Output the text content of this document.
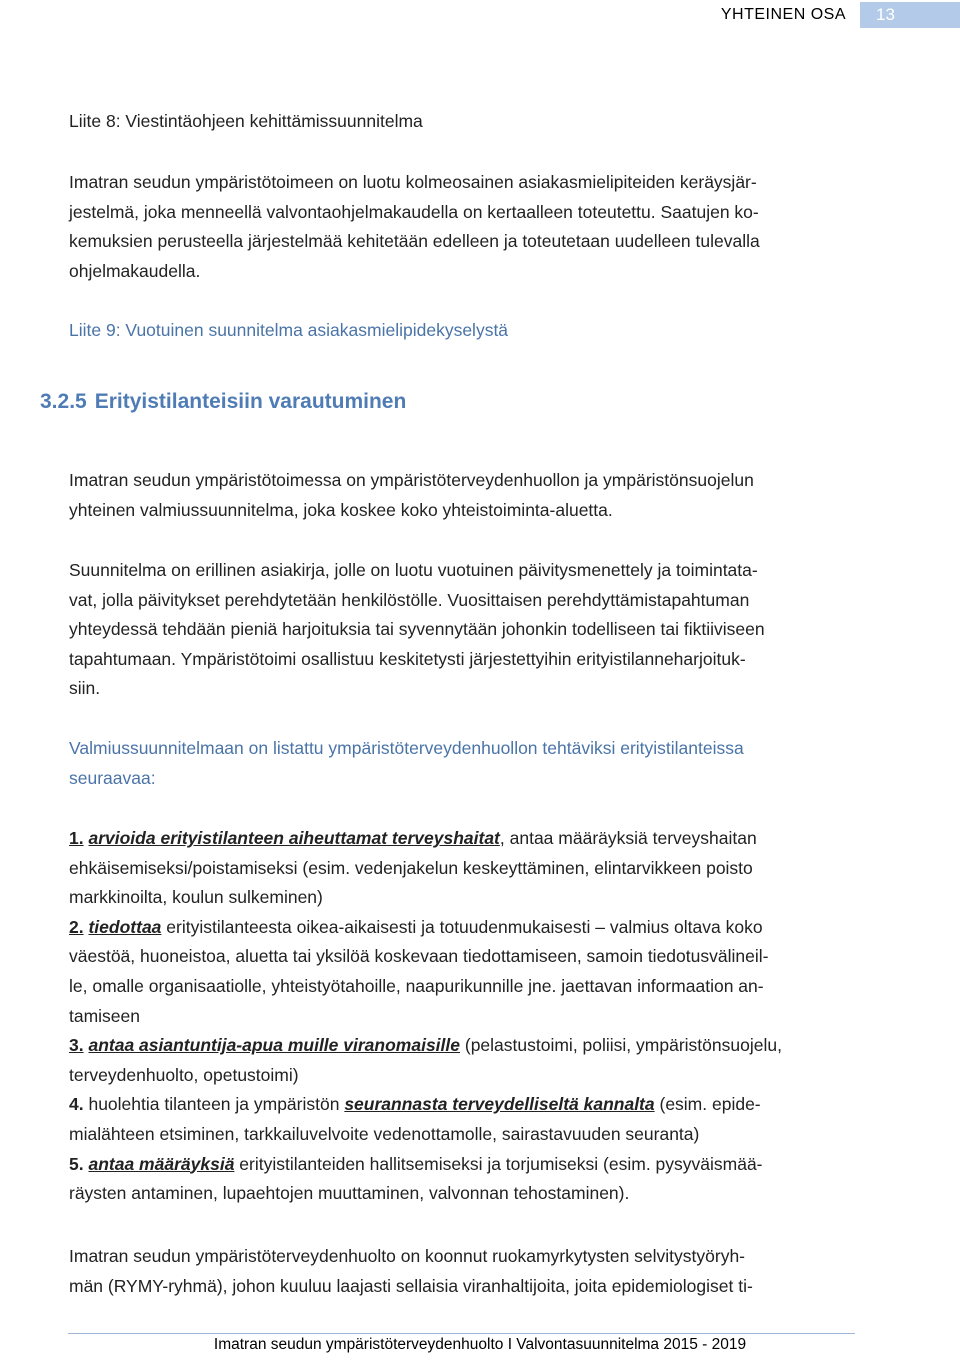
YHTEINEN OSA	13

Liite 8: Viestintäohjeen kehittämissuunnitelma

Imatran seudun ympäristötoimeen on luotu kolmeosainen asiakasmielipiteiden keräysjär-

jestelmä, joka menneellä valvontaohjelmakaudella on kertaalleen toteutettu. Saatujen ko-

kemuksien perusteella järjestelmää kehitetään edelleen ja toteutetaan uudelleen tulevalla

ohjelmakaudella.

Liite 9: Vuotuinen suunnitelma asiakasmielipidekyselystä

3.2.5 Erityistilanteisiin varautuminen

Imatran seudun ympäristötoimessa on ympäristöterveydenhuollon ja ympäristönsuojelun

yhteinen valmiussuunnitelma, joka koskee koko yhteistoiminta-aluetta.

Suunnitelma on erillinen asiakirja, jolle on luotu vuotuinen päivitysmenettely ja toimintata-

vat, jolla päivitykset perehdytetään henkilöstölle. Vuosittaisen perehdyttämistapahtuman

yhteydessä tehdään pieniä harjoituksia tai syvennytään johonkin todelliseen tai fiktiiviseen

tapahtumaan. Ympäristötoimi osallistuu keskitetysti järjestettyihin erityistilanneharjoituk-

siin.

Valmiussuunnitelmaan on listattu ympäristöterveydenhuollon tehtäviksi erityistilanteissa

seuraavaa:

1. arvioida erityistilanteen aiheuttamat terveyshaitat, antaa määräyksiä terveyshaitan

ehkäisemiseksi/poistamiseksi (esim. vedenjakelun keskeyttäminen, elintarvikkeen poisto

markkinoilta, koulun sulkeminen)

2. tiedottaa erityistilanteesta oikea-aikaisesti ja totuudenmukaisesti – valmius oltava koko

väestöä, huoneistoa, aluetta tai yksilöä koskevaan tiedottamiseen, samoin tiedotusvälineil-

le, omalle organisaatiolle, yhteistyötahoille, naapurikunnille jne. jaettavan informaation an-

tamiseen

3. antaa asiantuntija-apua muille viranomaisille (pelastustoimi, poliisi, ympäristönsuojelu,

terveydenhuolto, opetustoimi)

4. huolehtia tilanteen ja ympäristön seurannasta terveydelliseltä kannalta (esim. epide-

mialähteen etsiminen, tarkkailuvelvoite vedenottamolle, sairastavuuden seuranta)

5. antaa määräyksiä erityistilanteiden hallitsemiseksi ja torjumiseksi (esim. pysyväismää-

räysten antaminen, lupaehtojen muuttaminen, valvonnan tehostaminen).

Imatran seudun ympäristöterveydenhuolto on koonnut ruokamyrkytysten selvitystyöryh-

män (RYMY-ryhmä), johon kuuluu laajasti sellaisia viranhaltijoita, joita epidemiologiset ti-

Imatran seudun ympäristöterveydenhuolto I Valvontasuunnitelma 2015 - 2019
